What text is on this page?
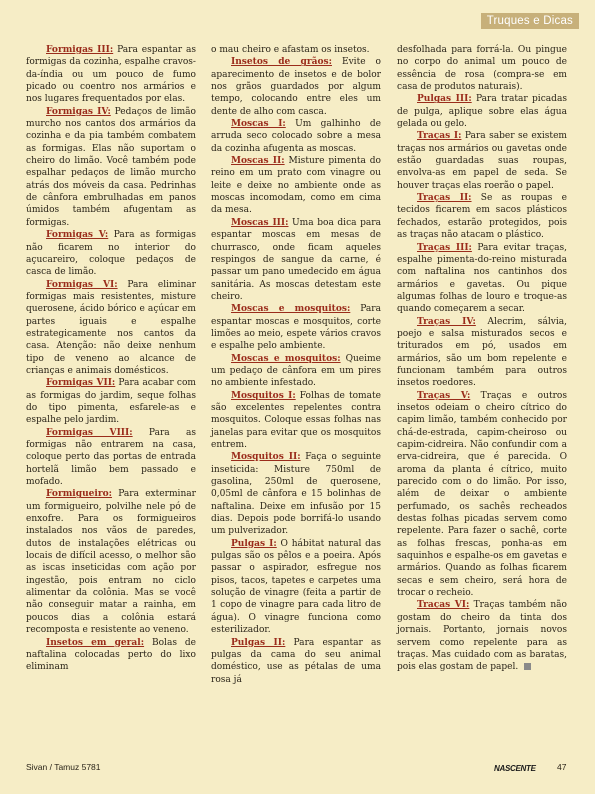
Truques e Dicas

Formigas III: Para espantar as formigas da cozinha, espalhe cravos-da-índia ou um pouco de fumo picado ou coentro nos armários e nos lugares frequentados por elas.

Formigas IV: Pedaços de limão murcho nos cantos dos armários da cozinha e da pia também combatem as formigas. Elas não suportam o cheiro do limão. Você também pode espalhar pedaços de limão murcho atrás dos móveis da casa. Pedrinhas de cânfora embrulhadas em panos úmidos também afugentam as formigas.

Formigas V: Para as formigas não ficarem no interior do açucareiro, coloque pedaços de casca de limão.

Formigas VI: Para eliminar formigas mais resistentes, misture querosene, ácido bórico e açúcar em partes iguais e espalhe estrategicamente nos cantos da casa. Atenção: não deixe nenhum tipo de veneno ao alcance de crianças e animais domésticos.

Formigas VII: Para acabar com as formigas do jardim, seque folhas do tipo pimenta, esfarele-as e espalhe pelo jardim.

Formigas VIII: Para as formigas não entrarem na casa, coloque perto das portas de entrada hortelã limão bem passado e mofado.

Formigueiro: Para exterminar um formigueiro, polvilhe nele pó de enxofre. Para os formigueiros instalados nos vãos de paredes, dutos de instalações elétricas ou locais de difícil acesso, o melhor são as iscas inseticidas com ação por ingestão, pois entram no ciclo alimentar da colônia. Mas se você não conseguir matar a rainha, em poucos dias a colônia estará recomposta e resistente ao veneno.

Insetos em geral: Bolas de naftalina colocadas perto do lixo eliminam

o mau cheiro e afastam os insetos.

Insetos de grãos: Evite o aparecimento de insetos e de bolor nos grãos guardados por algum tempo, colocando entre eles um dente de alho com casca.

Moscas I: Um galhinho de arruda seco colocado sobre a mesa da cozinha afugenta as moscas.

Moscas II: Misture pimenta do reino em um prato com vinagre ou leite e deixe no ambiente onde as moscas incomodam, como em cima da mesa.

Moscas III: Uma boa dica para espantar moscas em mesas de churrasco, onde ficam aqueles respingos de sangue da carne, é passar um pano umedecido em água sanitária. As moscas detestam este cheiro.

Moscas e mosquitos: Para espantar moscas e mosquitos, corte limões ao meio, espete vários cravos e espalhe pelo ambiente.

Moscas e mosquitos: Queime um pedaço de cânfora em um pires no ambiente infestado.

Mosquitos I: Folhas de tomate são excelentes repelentes contra mosquitos. Coloque essas folhas nas janelas para evitar que os mosquitos entrem.

Mosquitos II: Faça o seguinte inseticida: Misture 750ml de gasolina, 250ml de querosene, 0,05ml de cânfora e 15 bolinhas de naftalina. Deixe em infusão por 15 dias. Depois pode borrifá-lo usando um pulverizador.

Pulgas I: O hábitat natural das pulgas são os pêlos e a poeira. Após passar o aspirador, esfregue nos pisos, tacos, tapetes e carpetes uma solução de vinagre (feita a partir de 1 copo de vinagre para cada litro de água). O vinagre funciona como esterilizador.

Pulgas II: Para espantar as pulgas da cama do seu animal doméstico, use as pétalas de uma rosa já

desfolhada para forrá-la. Ou pingue no corpo do animal um pouco de essência de rosa (compra-se em casa de produtos naturais).

Pulgas III: Para tratar picadas de pulga, aplique sobre elas água gelada ou gelo.

Traças I: Para saber se existem traças nos armários ou gavetas onde estão guardadas suas roupas, envolva-as em papel de seda. Se houver traças elas roerão o papel.

Traças II: Se as roupas e tecidos ficarem em sacos plásticos fechados, estarão protegidos, pois as traças não atacam o plástico.

Traças III: Para evitar traças, espalhe pimenta-do-reino misturada com naftalina nos cantinhos dos armários e gavetas. Ou pique algumas folhas de louro e troque-as quando começarem a secar.

Traças IV: Alecrim, sálvia, poejo e salsa misturados secos e triturados em pó, usados em armários, são um bom repelente e funcionam também para outros insetos roedores.

Traças V: Traças e outros insetos odeiam o cheiro cítrico do capim limão, também conhecido por chá-de-estrada, capim-cheiroso ou capim-cidreira. Não confundir com a erva-cidreira, que é parecida. O aroma da planta é cítrico, muito parecido com o do limão. Por isso, além de deixar o ambiente perfumado, os sachês recheados destas folhas picadas servem como repelente. Para fazer o sachê, corte as folhas frescas, ponha-as em saquinhos e espalhe-os em gavetas e armários. Quando as folhas ficarem secas e sem cheiro, será hora de trocar o recheio.

Traças VI: Traças também não gostam do cheiro da tinta dos jornais. Portanto, jornais novos servem como repelente para as traças. Mas cuidado com as baratas, pois elas gostam de papel.

Sivan / Tamuz 5781	NASCENTE	47
